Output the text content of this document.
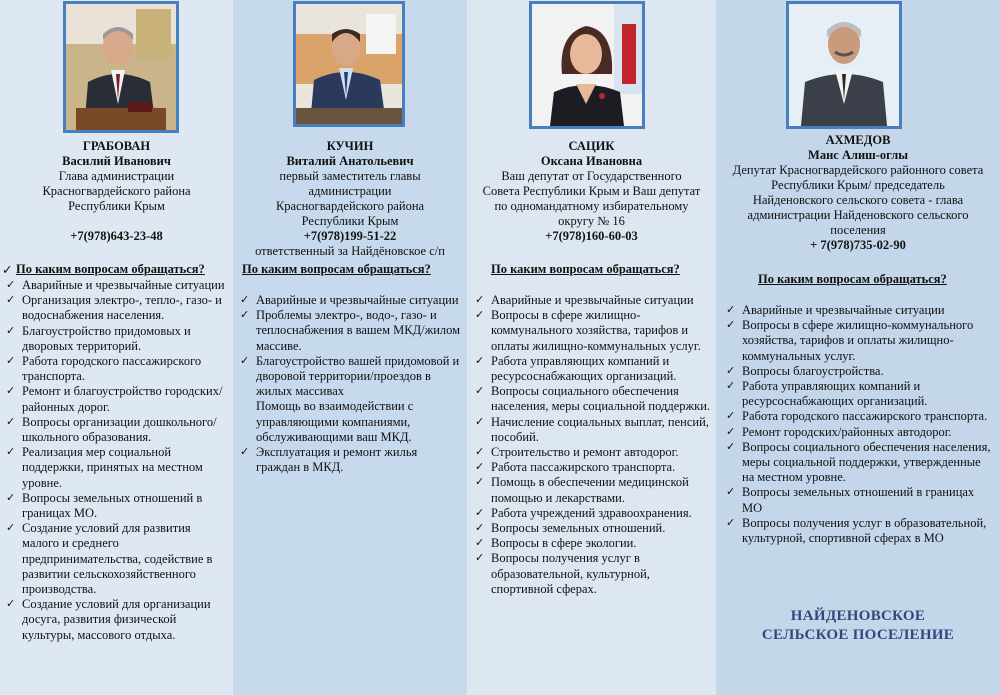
ГРАБОВАН
Василий Иванович
Глава администрации
Красногвардейского района
Республики Крым
+7(978)643-23-48
✓ По каким вопросам обращаться?
✓ Аварийные и чрезвычайные ситуации
✓ Организация электро-, тепло-, газо- и водоснабжения населения.
✓ Благоустройство придомовых и дворовых территорий.
✓ Работа городского пассажирского транспорта.
✓ Ремонт и благоустройство городских/районных дорог.
✓ Вопросы организации дошкольного/школьного образования.
✓ Реализация мер социальной поддержки, принятых на местном уровне.
✓ Вопросы земельных отношений в границах МО.
✓ Создание условий для развития малого и среднего предпринимательства, содействие в развитии сельскохозяйственного производства.
✓ Создание условий для организации досуга, развития физической культуры, массового отдыха.
КУЧИН
Виталий Анатольевич
первый заместитель главы
администрации
Красногвардейского района
Республики Крым
+7(978)199-51-22
ответственный за Найдёновское с/п
По каким вопросам обращаться?
✓ Аварийные и чрезвычайные ситуации
✓ Проблемы электро-, водо-, газо- и теплоснабжения в вашем МКД/жилом массиве.
✓ Благоустройство вашей придомовой и дворовой территории/проездов в жилых массивах
Помощь во взаимодействии с управляющими компаниями, обслуживающими ваш МКД.
✓ Эксплуатация и ремонт жилья граждан в МКД.
САЦИК
Оксана Ивановна
Ваш депутат от Государственного
Совета Республики Крым и Ваш депутат
по одномандатному избирательному
округу № 16
+7(978)160-60-03
По каким вопросам обращаться?
✓ Аварийные и чрезвычайные ситуации
✓ Вопросы в сфере жилищно-коммунального хозяйства, тарифов и оплаты жилищно-коммунальных услуг.
✓ Работа управляющих компаний и ресурсоснабжающих организаций.
✓ Вопросы социального обеспечения населения, меры социальной поддержки.
✓ Начисление социальных выплат, пенсий, пособий.
✓ Строительство и ремонт автодорог.
✓ Работа пассажирского транспорта.
✓ Помощь в обеспечении медицинской помощью и лекарствами.
✓ Работа учреждений здравоохранения.
✓ Вопросы земельных отношений.
✓ Вопросы в сфере экологии.
✓ Вопросы получения услуг в образовательной, культурной, спортивной сферах.
АХМЕДОВ
Манс Алиш-оглы
Депутат Красногвардейского районного совета
Республики Крым/ председатель
Найденовского сельского совета - глава
администрации Найденовского сельского
поселения
+ 7(978)735-02-90
По каким вопросам обращаться?
✓ Аварийные и чрезвычайные ситуации
✓ Вопросы в сфере жилищно-коммунального хозяйства, тарифов и оплаты жилищно-коммунальных услуг.
✓ Вопросы благоустройства.
✓ Работа управляющих компаний и ресурсоснабжающих организаций.
✓ Работа городского пассажирского транспорта.
✓ Ремонт городских/районных автодорог.
✓ Вопросы социального обеспечения населения, меры социальной поддержки, утвержденные на местном уровне.
✓ Вопросы земельных отношений в границах МО
✓ Вопросы получения услуг в образовательной, культурной, спортивной сферах в МО
НАЙДЕНОВСКОЕ
СЕЛЬСКОЕ ПОСЕЛЕНИЕ
